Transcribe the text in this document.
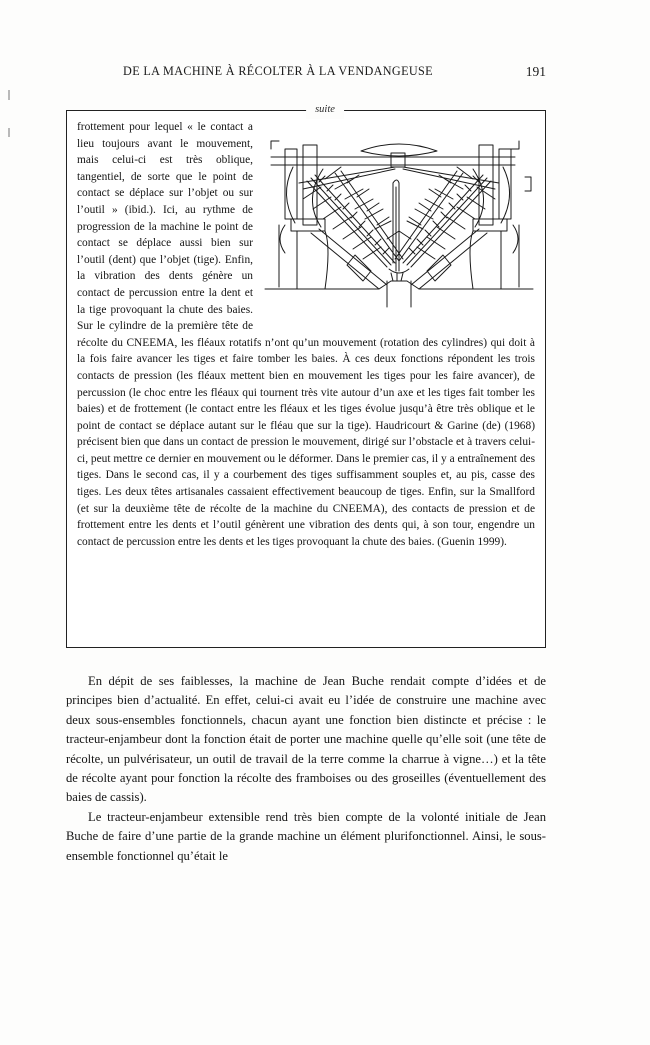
DE LA MACHINE À RÉCOLTER À LA VENDANGEUSE	191

frottement pour lequel « le contact a lieu toujours avant le mouvement, mais celui-ci est très oblique, tangentiel, de sorte que le point de contact se déplace sur l’objet ou sur l’outil » (ibid.). Ici, au rythme de progression de la machine le point de contact se déplace aussi bien sur l’outil (dent) que l’objet (tige). Enfin, la vibration des dents génère un contact de percussion entre la dent et la tige provoquant la chute des baies. Sur le cylindre de la première tête de récolte du CNEEMA, les fléaux rotatifs n’ont qu’un mouvement (rotation des cylindres) qui doit à la fois faire avancer les tiges et faire tomber les baies. À ces deux fonctions répondent les trois contacts de pression (les fléaux mettent bien en mouvement les tiges pour les faire avancer), de percussion (le choc entre les fléaux qui tournent très vite autour d’un axe et les tiges fait tomber les baies) et de frottement (le contact entre les fléaux et les tiges évolue jusqu’à être très oblique et le point de contact se déplace autant sur le fléau que sur la tige). Haudricourt & Garine (de) (1968) précisent bien que dans un contact de pression le mouvement, dirigé sur l’obstacle et à travers celui-ci, peut mettre ce dernier en mouvement ou le déformer. Dans le premier cas, il y a entraînement des tiges. Dans le second cas, il y a courbement des tiges suffisamment souples et, au pis, casse des tiges. Les deux têtes artisanales cassaient effectivement beaucoup de tiges. Enfin, sur la Smallford (et sur la deuxième tête de récolte de la machine du CNEEMA), des contacts de pression et de frottement entre les dents et l’outil génèrent une vibration des dents qui, à son tour, engendre un contact de percussion entre les dents et les tiges provoquant la chute des baies. (Guenin 1999).

suite

En dépit de ses faiblesses, la machine de Jean Buche rendait compte d’idées et de principes bien d’actualité. En effet, celui-ci avait eu l’idée de construire une machine avec deux sous-ensembles fonctionnels, chacun ayant une fonction bien distincte et précise : le tracteur-enjambeur dont la fonction était de porter une machine quelle qu’elle soit (une tête de récolte, un pulvérisateur, un outil de travail de la terre comme la charrue à vigne…) et la tête de récolte ayant pour fonction la récolte des framboises ou des groseilles (éventuellement des baies de cassis).

Le tracteur-enjambeur extensible rend très bien compte de la volonté initiale de Jean Buche de faire d’une partie de la grande machine un élément plurifonctionnel. Ainsi, le sous-ensemble fonctionnel qu’était le
